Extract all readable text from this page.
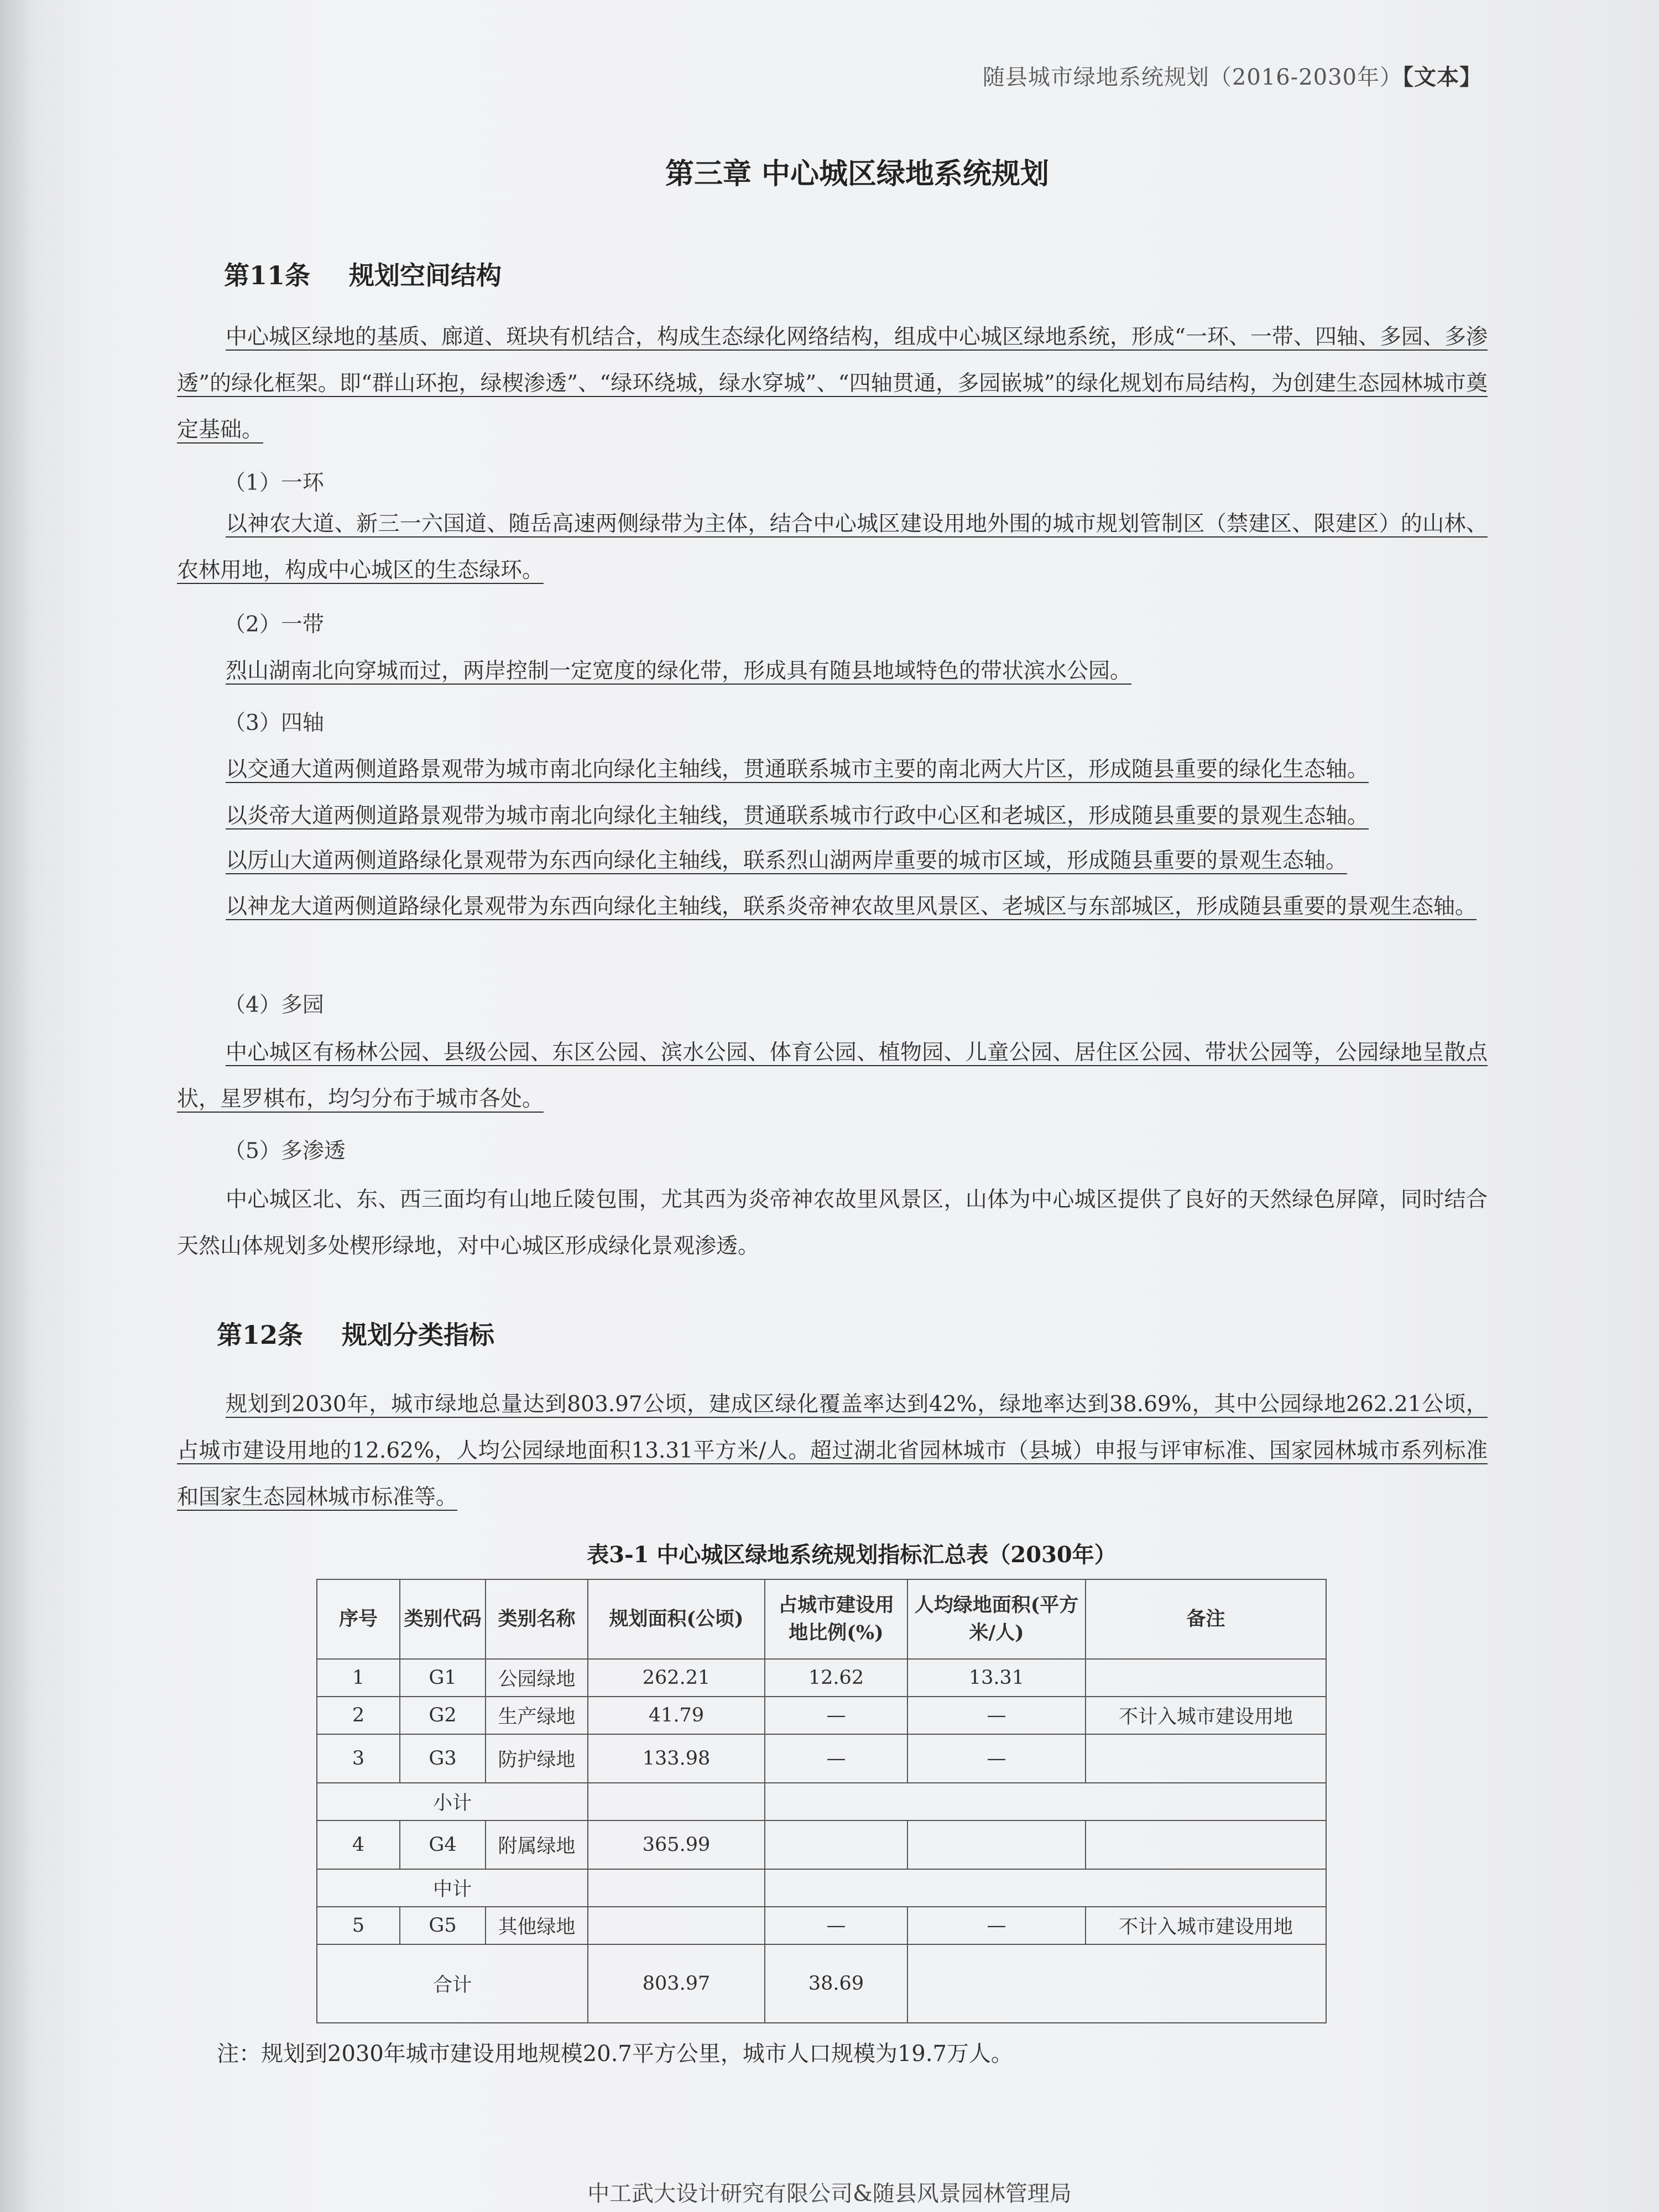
随县城市绿地系统规划（2016-2030年）【文本】
第三章 中心城区绿地系统规划
第11条 规划空间结构
中心城区绿地的基质、廊道、斑块有机结合，构成生态绿化网络结构，组成中心城区绿地系统，形成“一环、一带、四轴、多园、多渗透”的绿化框架。即“群山环抱，绿楔渗透”、“绿环绕城，绿水穿城”、“四轴贯通，多园嵌城”的绿化规划布局结构，为创建生态园林城市奠定基础。
（1）一环
以神农大道、新三一六国道、随岳高速两侧绿带为主体，结合中心城区建设用地外围的城市规划管制区（禁建区、限建区）的山林、农林用地，构成中心城区的生态绿环。
（2）一带
烈山湖南北向穿城而过，两岸控制一定宽度的绿化带，形成具有随县地域特色的带状滨水公园。
（3）四轴
以交通大道两侧道路景观带为城市南北向绿化主轴线，贯通联系城市主要的南北两大片区，形成随县重要的绿化生态轴。
以炎帝大道两侧道路景观带为城市南北向绿化主轴线，贯通联系城市行政中心区和老城区，形成随县重要的景观生态轴。
以厉山大道两侧道路绿化景观带为东西向绿化主轴线，联系烈山湖两岸重要的城市区域，形成随县重要的景观生态轴。
以神龙大道两侧道路绿化景观带为东西向绿化主轴线，联系炎帝神农故里风景区、老城区与东部城区，形成随县重要的景观生态轴。
（4）多园
中心城区有杨林公园、县级公园、东区公园、滨水公园、体育公园、植物园、儿童公园、居住区公园、带状公园等，公园绿地呈散点状，星罗棋布，均匀分布于城市各处。
（5）多渗透
中心城区北、东、西三面均有山地丘陵包围，尤其西为炎帝神农故里风景区，山体为中心城区提供了良好的天然绿色屏障，同时结合天然山体规划多处楔形绿地，对中心城区形成绿化景观渗透。
第12条 规划分类指标
规划到2030年，城市绿地总量达到803.97公顷，建成区绿化覆盖率达到42%，绿地率达到38.69%，其中公园绿地262.21公顷，占城市建设用地的12.62%，人均公园绿地面积13.31平方米/人。超过湖北省园林城市（县城）申报与评审标准、国家园林城市系列标准和国家生态园林城市标准等。
表3-1 中心城区绿地系统规划指标汇总表（2030年）
序号	类别代码	类别名称	规划面积(公顷)	占城市建设用地比例(%)	人均绿地面积(平方米/人)	备注
1	G1	公园绿地	262.21	12.62	13.31	
2	G2	生产绿地	41.79	—	—	不计入城市建设用地
3	G3	防护绿地	133.98	—	—	
小计						
4	G4	附属绿地	365.99			
中计						
5	G5	其他绿地		—	—	不计入城市建设用地
合计			803.97	38.69		
注：规划到2030年城市建设用地规模20.7平方公里，城市人口规模为19.7万人。
中工武大设计研究有限公司&随县风景园林管理局
